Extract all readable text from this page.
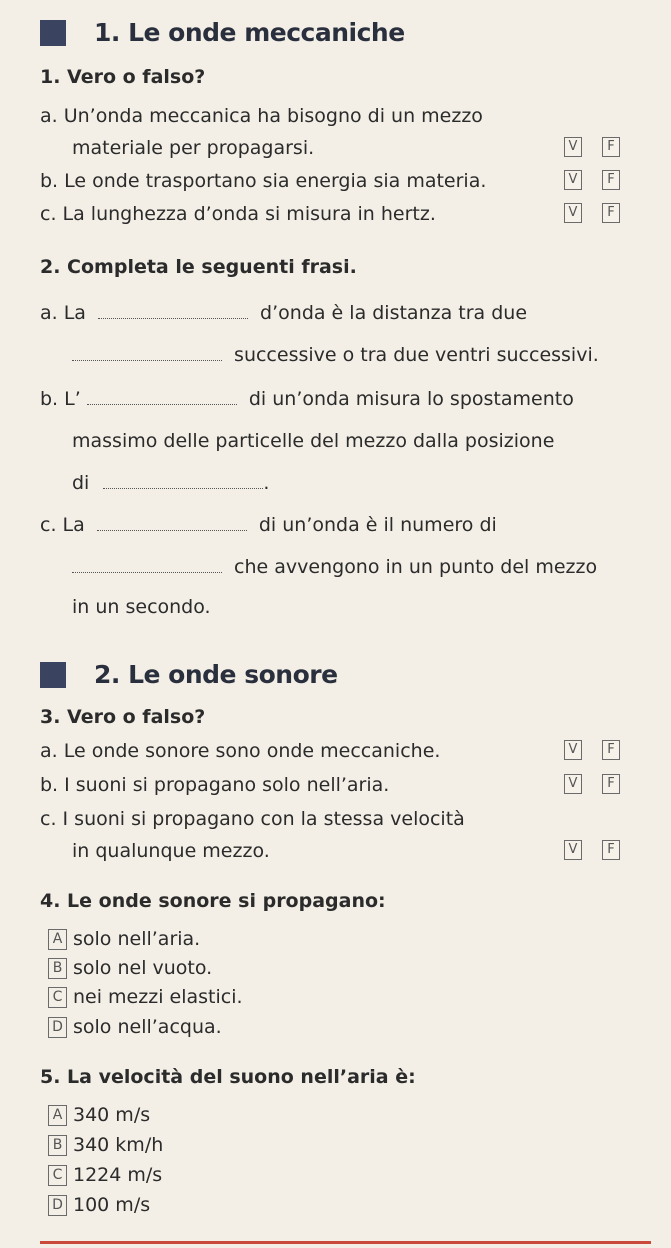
1. Le onde meccaniche
1. Vero o falso?
a. Un’onda meccanica ha bisogno di un mezzo
materiale per propagarsi.	V	F
b. Le onde trasportano sia energia sia materia.	V	F
c. La lunghezza d’onda si misura in hertz.	V	F
2. Completa le seguenti frasi.
a. La	d’onda è la distanza tra due
successive o tra due ventri successivi.
b. L’	di un’onda misura lo spostamento
massimo delle particelle del mezzo dalla posizione
di	.
c. La	di un’onda è il numero di
che avvengono in un punto del mezzo
in un secondo.
2. Le onde sonore
3. Vero o falso?
a. Le onde sonore sono onde meccaniche.	V	F
b. I suoni si propagano solo nell’aria.	V	F
c. I suoni si propagano con la stessa velocità
in qualunque mezzo.	V	F
4. Le onde sonore si propagano:
A solo nell’aria.
B solo nel vuoto.
C nei mezzi elastici.
D solo nell’acqua.
5. La velocità del suono nell’aria è:
A 340 m/s
B 340 km/h
C 1224 m/s
D 100 m/s
